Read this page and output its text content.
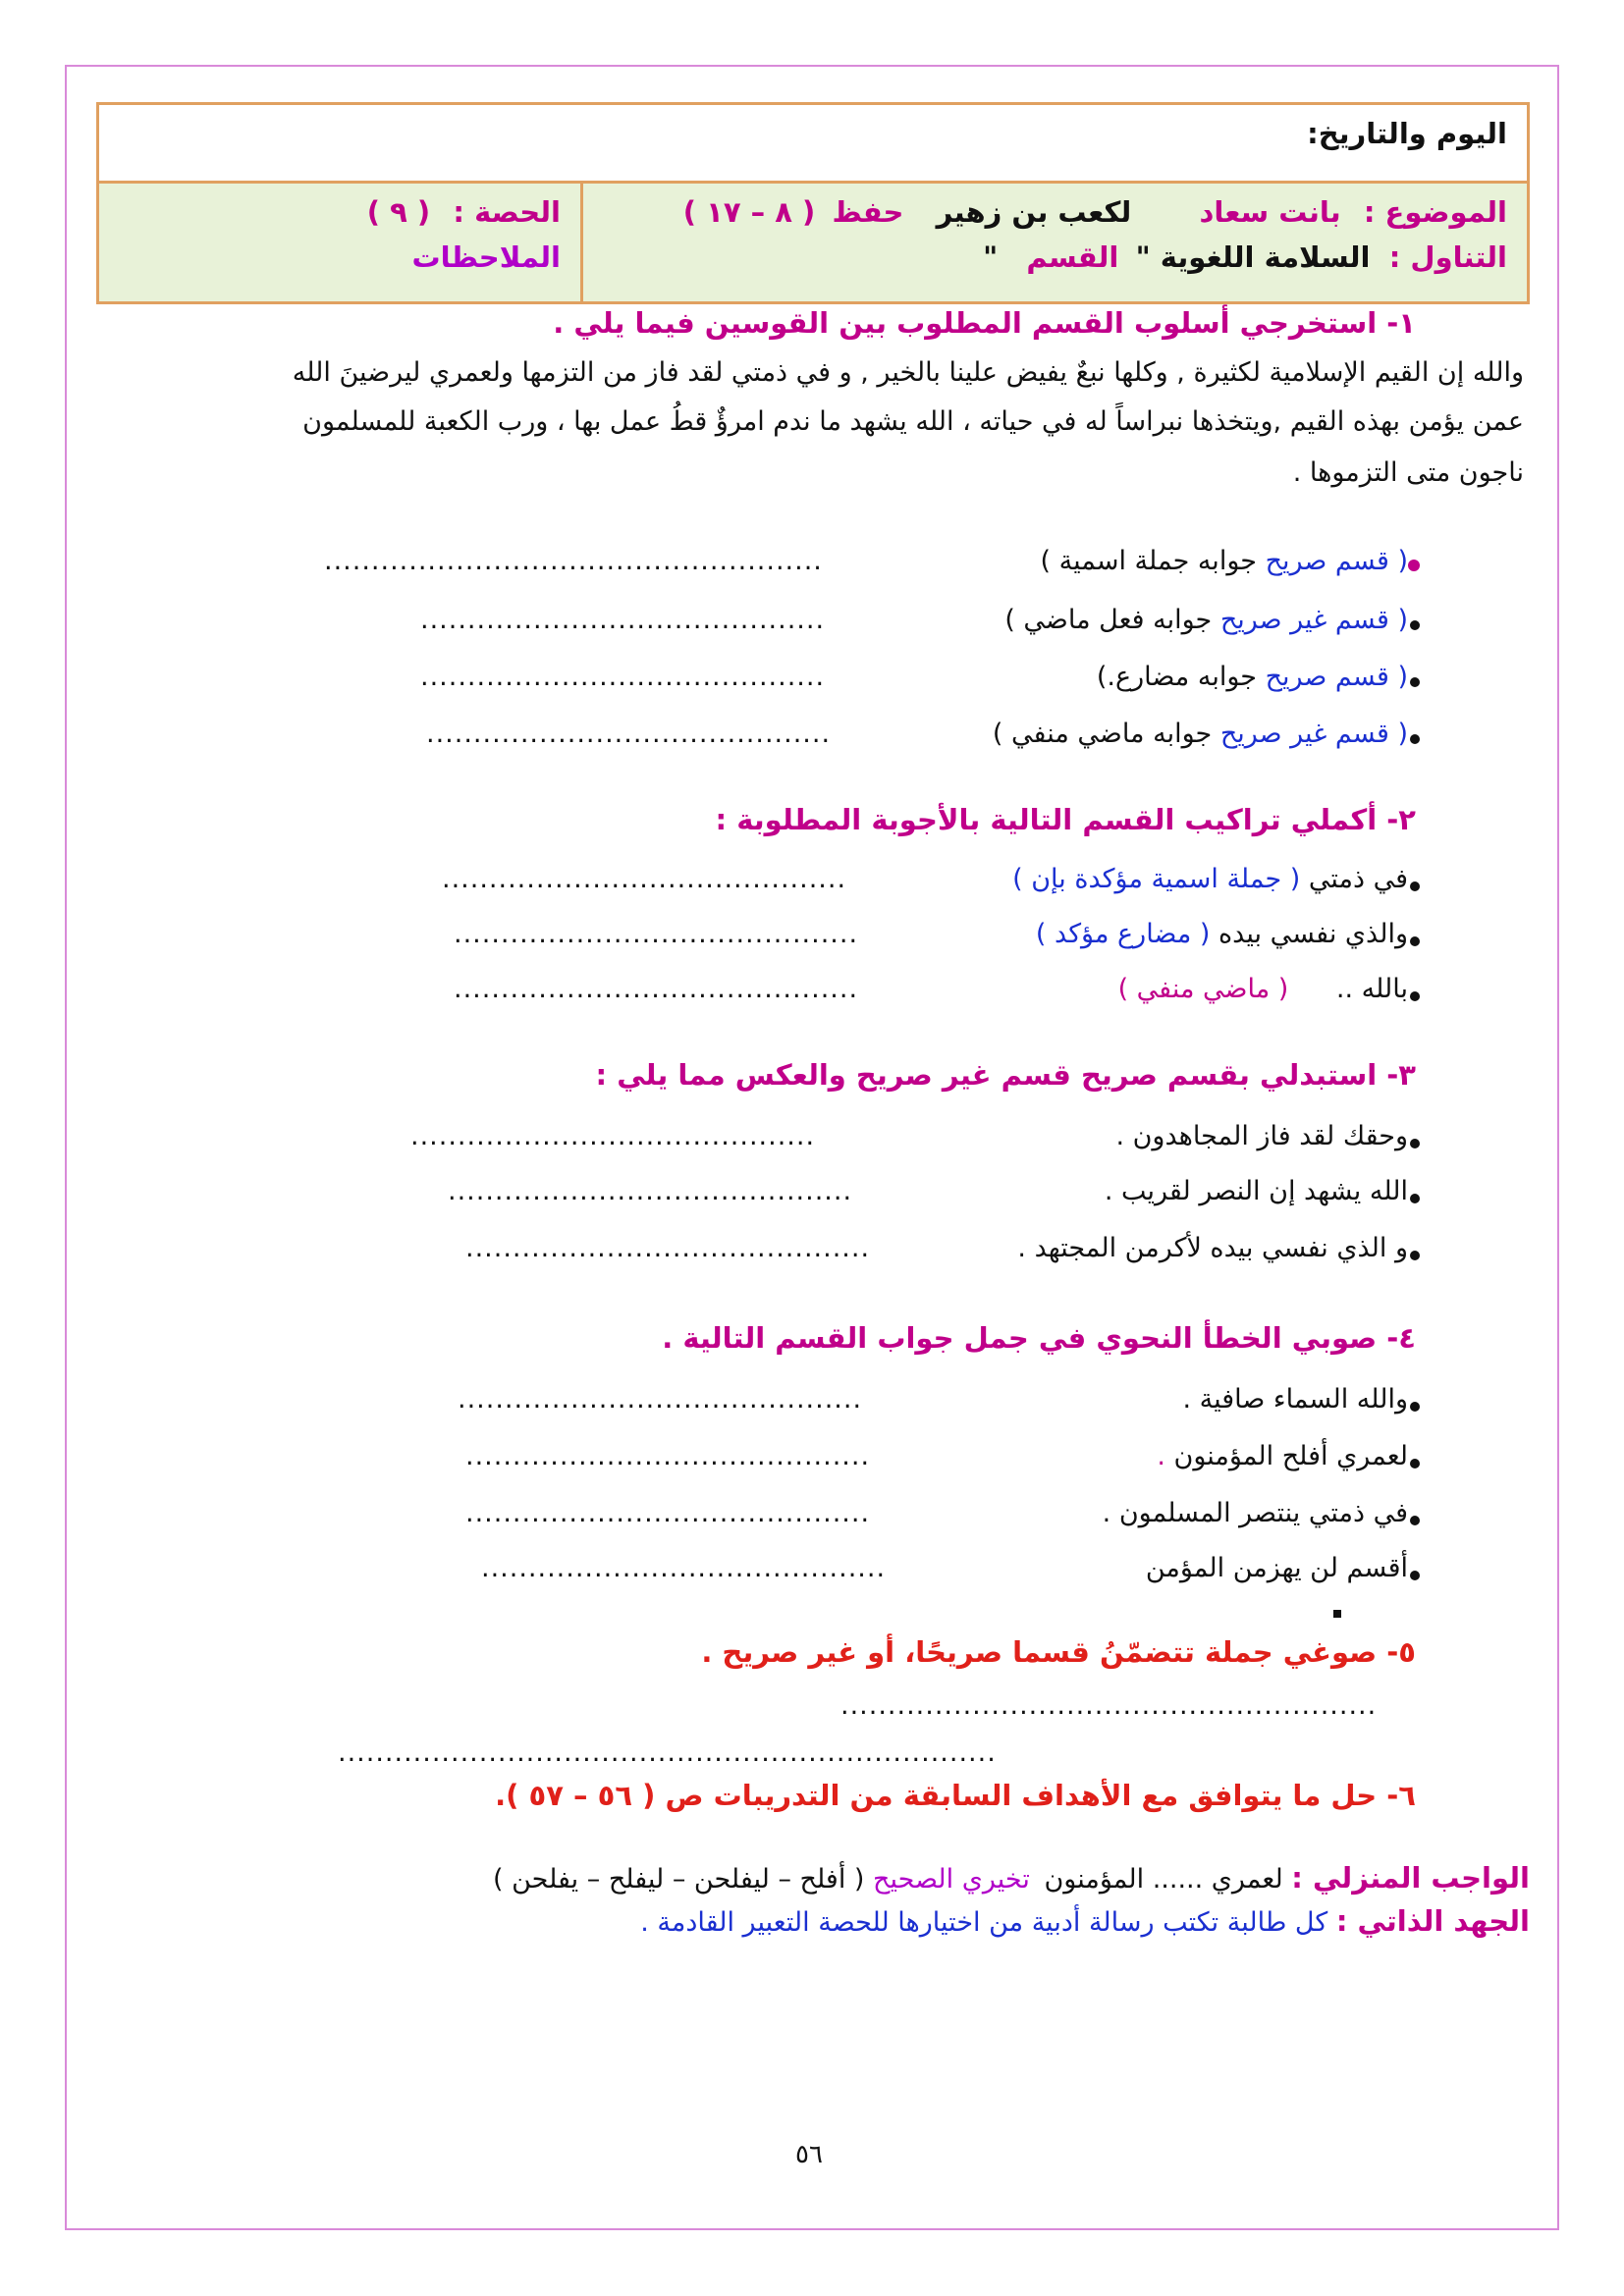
اليوم والتاريخ:
الموضوع : بانت سعاد لكعب بن زهير حفظ ( ٨ – ١٧ )
التناول : السلامة اللغوية " القسم "
الحصة : ( ٩ )
الملاحظات
١- استخرجي أسلوب القسم المطلوب بين القوسين فيما يلي .
والله إن القيم الإسلامية لكثيرة , وكلها نبعٌ يفيض علينا بالخير , و في ذمتي لقد فاز من التزمها ولعمري ليرضينَ الله
عمن يؤمن بهذه القيم ,ويتخذها نبراساً له في حياته ، الله يشهد ما ندم امرؤٌ قطُ عمل بها ، ورب الكعبة للمسلمون
ناجون متى التزموها .
( قسم صريح جوابه جملة اسمية )
.....................................................
( قسم غير صريح جوابه فعل ماضي )
...........................................
( قسم صريح جوابه مضارع.)
...........................................
( قسم غير صريح جوابه ماضي منفي )
...........................................
٢- أكملي تراكيب القسم التالية بالأجوبة المطلوبة :
في ذمتي ( جملة اسمية مؤكدة بإن )
...........................................
والذي نفسي بيده ( مضارع مؤكد )
...........................................
بالله .. ( ماضي منفي )
...........................................
٣- استبدلي بقسم صريح قسم غير صريح والعكس مما يلي :
وحقك لقد فاز المجاهدون .
...........................................
الله يشهد إن النصر لقريب .
...........................................
و الذي نفسي بيده لأكرمن المجتهد .
...........................................
٤- صوبي الخطأ النحوي في جمل جواب القسم التالية .
والله السماء صافية .
...........................................
لعمري أفلح المؤمنون .
...........................................
في ذمتي ينتصر المسلمون .
...........................................
أقسم لن يهزمن المؤمن
...........................................
٥- صوغي جملة تتضمّنُ قسما صريحًا، أو غير صريح .
.........................................................
......................................................................
٦- حل ما يتوافق مع الأهداف السابقة من التدريبات ص ( ٥٦ – ٥٧ ).
الواجب المنزلي : لعمري ...... المؤمنون تخيري الصحيح ( أفلح – ليفلحن – ليفلح – يفلحن )
الجهد الذاتي : كل طالبة تكتب رسالة أدبية من اختيارها للحصة التعبير القادمة .
٥٦
